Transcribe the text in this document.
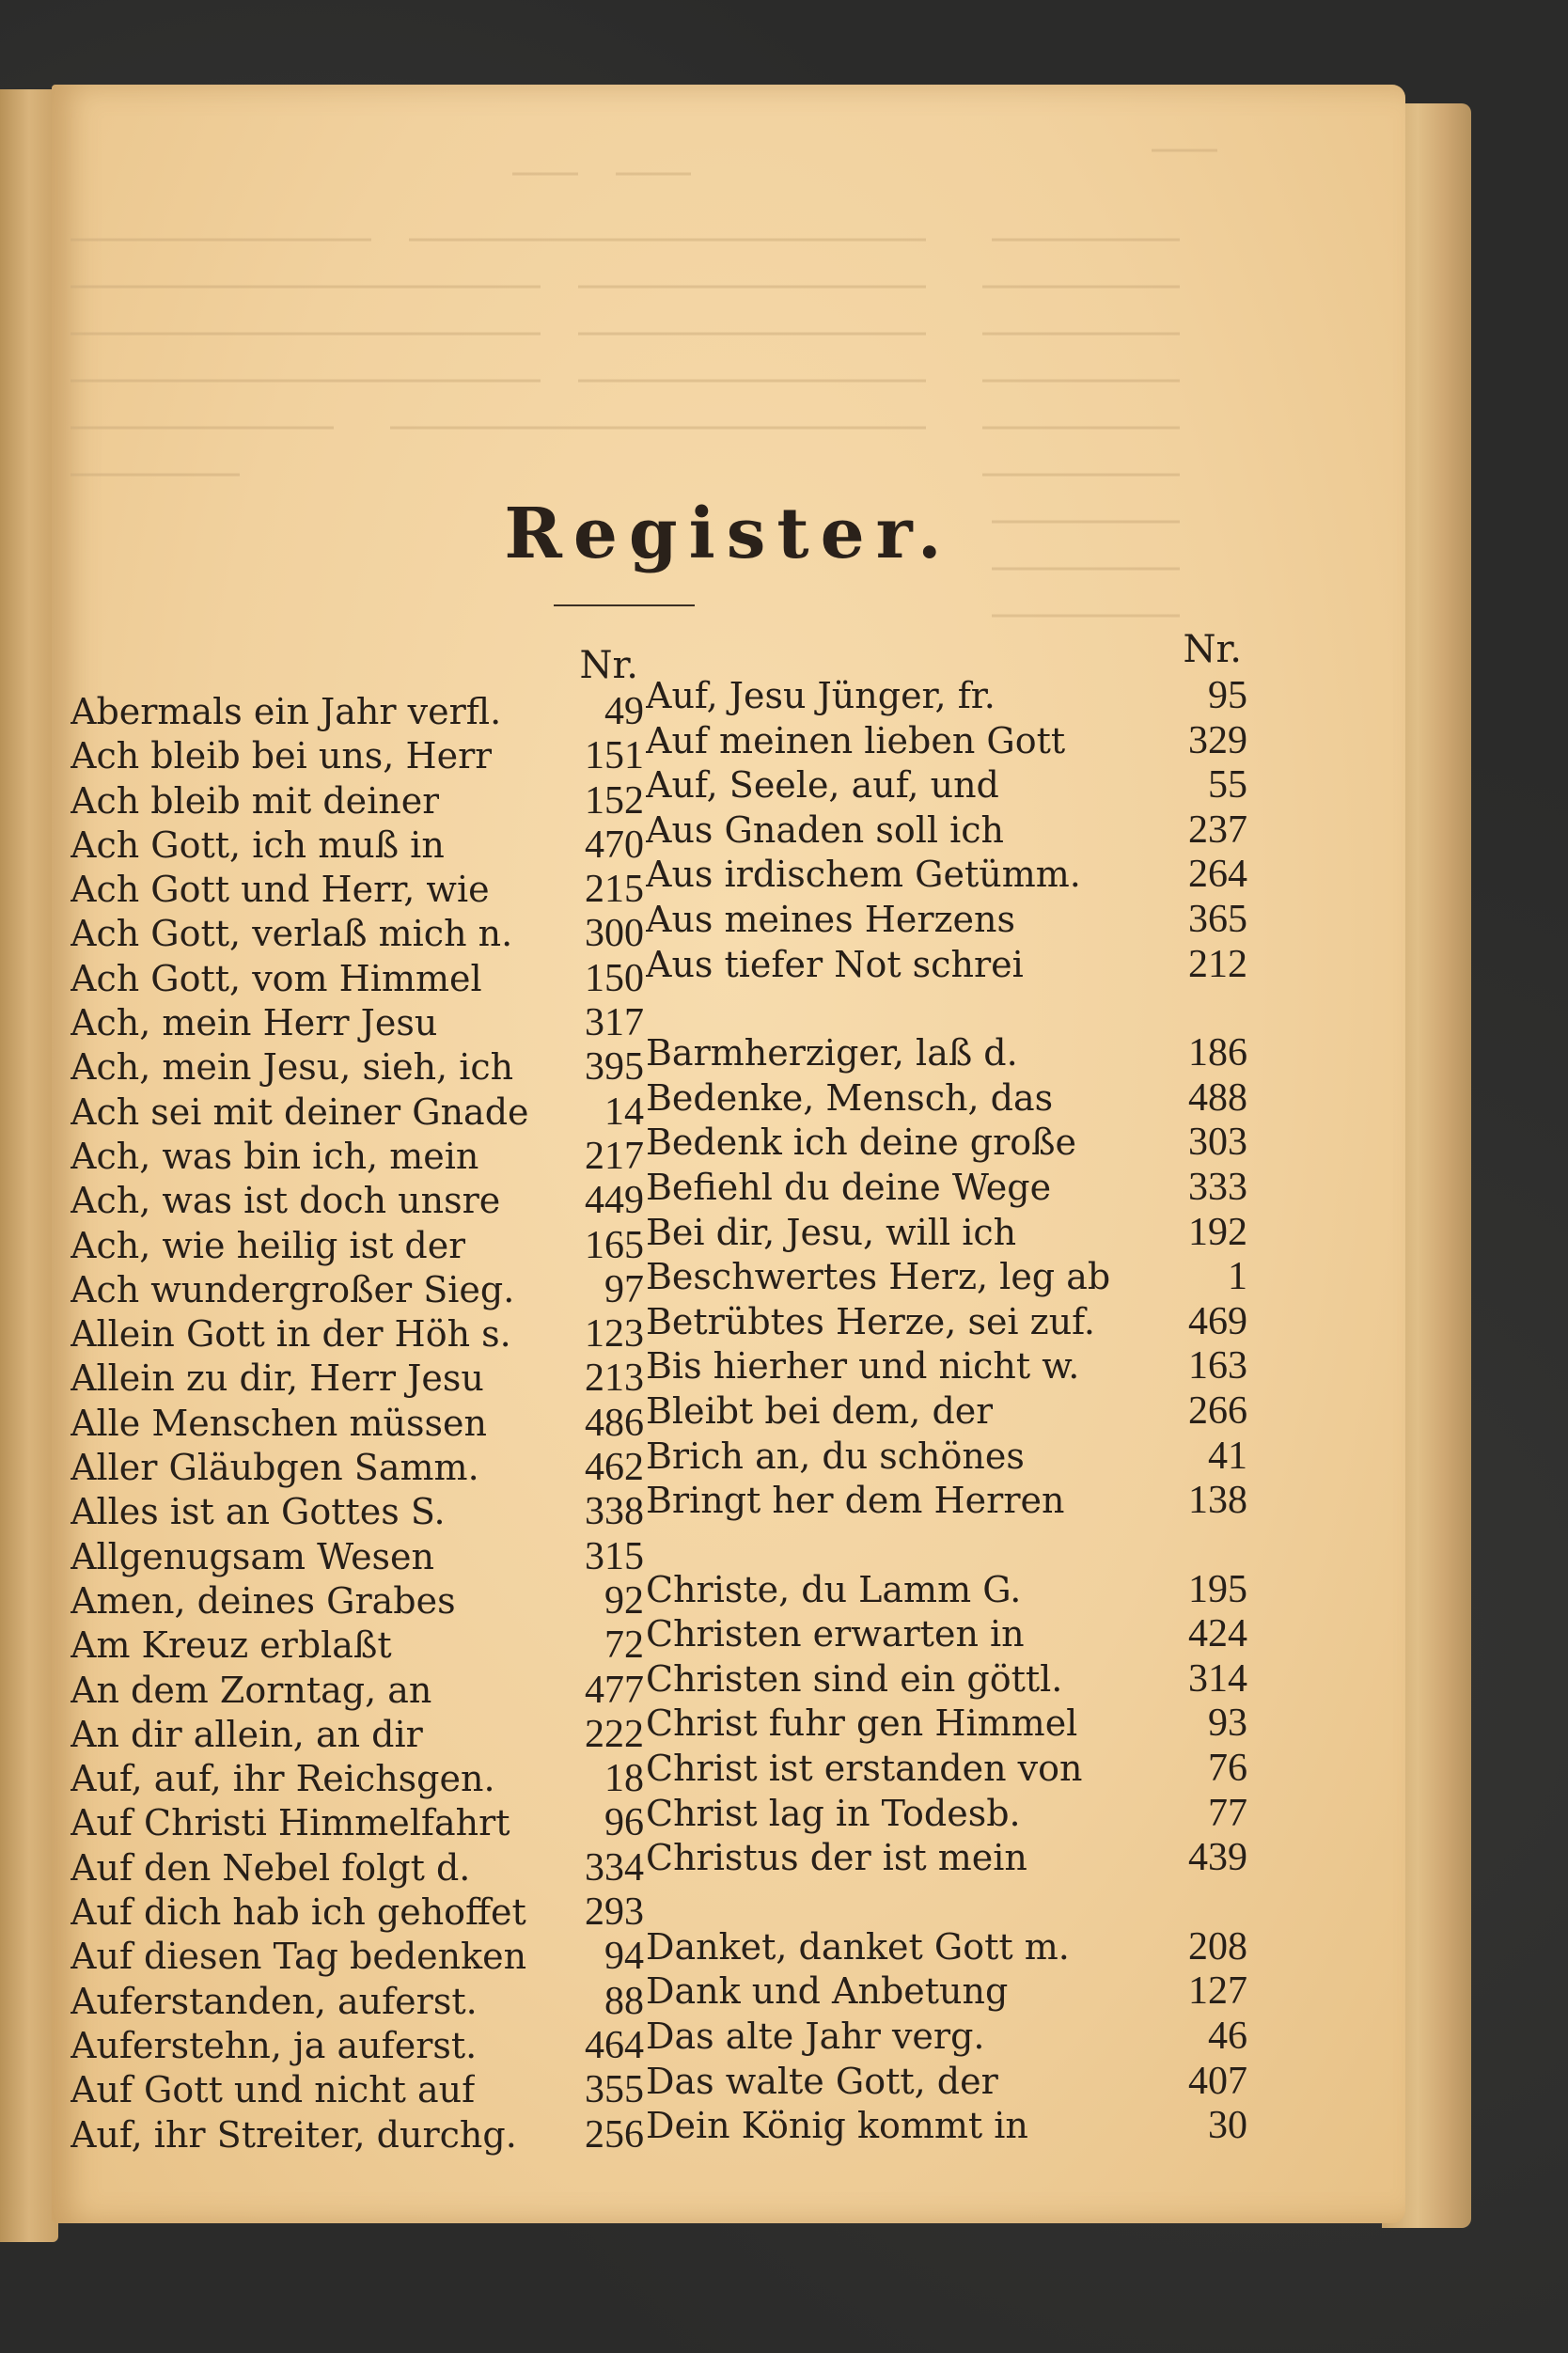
Register.
Nr.
Abermals ein Jahr verfl.	49
Ach bleib bei uns, Herr 151
Ach bleib mit deiner	152
Ach Gott, ich muß in	470
Ach Gott und Herr, wie 215
Ach Gott, verlaß mich n. 300
Ach Gott, vom Himmel	150
Ach, mein Herr Jesu	317
Ach, mein Jesu, sieh, ich 395
Ach sei mit deiner Gnade 14
Ach, was bin ich, mein	217
Ach, was ist doch unsre 449
Ach, wie heilig ist der	165
Ach wundergroßer Sieg. 97
Allein Gott in der Höh s. 123
Allein zu dir, Herr Jesu	213
Alle Menschen müssen 486
Aller Gläubgen Samm.	462
Alles ist an Gottes S.	338
Allgenugsam Wesen	315
Amen, deines Grabes	92
Am Kreuz erblaßt	72
An dem Zorntag, an	477
An dir allein, an dir	222
Auf, auf, ihr Reichsgen.	18
Auf Christi Himmelfahrt 96
Auf den Nebel folgt d.	334
Auf dich hab ich gehoffet 293
Auf diesen Tag bedenken 94
Auferstanden, auferst.	88
Auferstehn, ja auferst.	464
Auf Gott und nicht auf	355
Auf, ihr Streiter, durchg. 256
Nr.
Auf, Jesu Jünger, fr.	95
Auf meinen lieben Gott	329
Auf, Seele, auf, und	55
Aus Gnaden soll ich	237
Aus irdischem Getümm.	264
Aus meines Herzens	365
Aus tiefer Not schrei	212
Barmherziger, laß d.	186
Bedenke, Mensch, das	488
Bedenk ich deine große	303
Befiehl du deine Wege	333
Bei dir, Jesu, will ich	192
Beschwertes Herz, leg ab	1
Betrübtes Herze, sei zuf. 469
Bis hierher und nicht w.	163
Bleibt bei dem, der	266
Brich an, du schönes	41
Bringt her dem Herren	138
Christe, du Lamm G.	195
Christen erwarten in	424
Christen sind ein göttl.	314
Christ fuhr gen Himmel	93
Christ ist erstanden von	76
Christ lag in Todesb.	77
Christus der ist mein	439
Danket, danket Gott m.	208
Dank und Anbetung	127
Das alte Jahr verg.	46
Das walte Gott, der	407
Dein König kommt in	30
